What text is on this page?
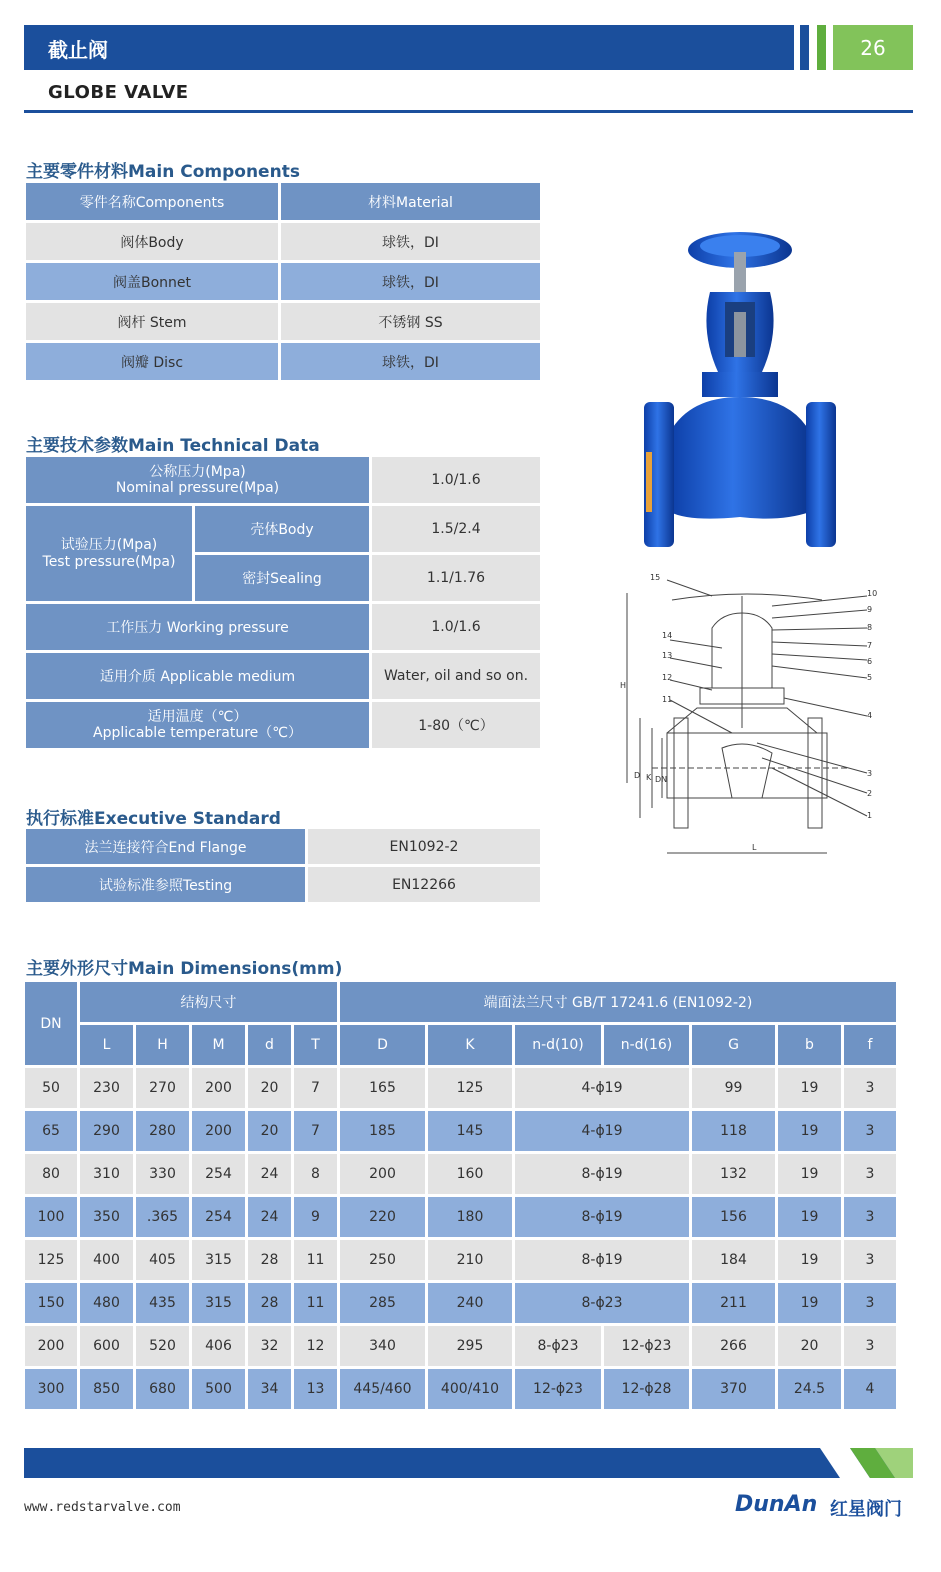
截止阀	26
GLOBE VALVE
主要零件材料Main Components
零件名称Components	材料Material
阀体Body	球铁，DI
阀盖Bonnet	球铁，DI
阀杆 Stem	不锈钢 SS
阀瓣 Disc	球铁，DI
主要技术参数Main Technical Data
公称压力(Mpa)
Nominal pressure(Mpa)		1.0/1.6

试验压力(Mpa)
Test pressure(Mpa)	壳体Body	1.5/2.4
	密封Sealing	1.1/1.76
工作压力 Working pressure		1.0/1.6
适用介质 Applicable medium		Water, oil and so on.

适用温度（℃）
Applicable temperature（℃）		1-80（℃）
执行标准Executive Standard
法兰连接符合End Flange	EN1092-2
试验标准参照Testing	EN12266
15
10
9
8
7
6
5
4
14
13
12
11
3
2
1
H
D K DN
L
主要外形尺寸Main Dimensions(mm)
DN	结构尺寸					端面法兰尺寸 GB/T 17241.6 (EN1092-2)						
	L	H	M	d	T	D	K	n-d(10)	n-d(16)	G	b	f
50	230	270	200	20	7	165	125	4-ϕ19		99	19	3
65	290	280	200	20	7	185	145	4-ϕ19		118	19	3
80	310	330	254	24	8	200	160	8-ϕ19		132	19	3
100	350	.365	254	24	9	220	180	8-ϕ19		156	19	3
125	400	405	315	28	11	250	210	8-ϕ19		184	19	3
150	480	435	315	28	11	285	240	8-ϕ23		211	19	3
200	600	520	406	32	12	340	295	8-ϕ23	12-ϕ23	266	20	3
300	850	680	500	34	13	445/460	400/410	12-ϕ23	12-ϕ28	370	24.5	4
www.redstarvalve.com	DunAn 红星阀门
